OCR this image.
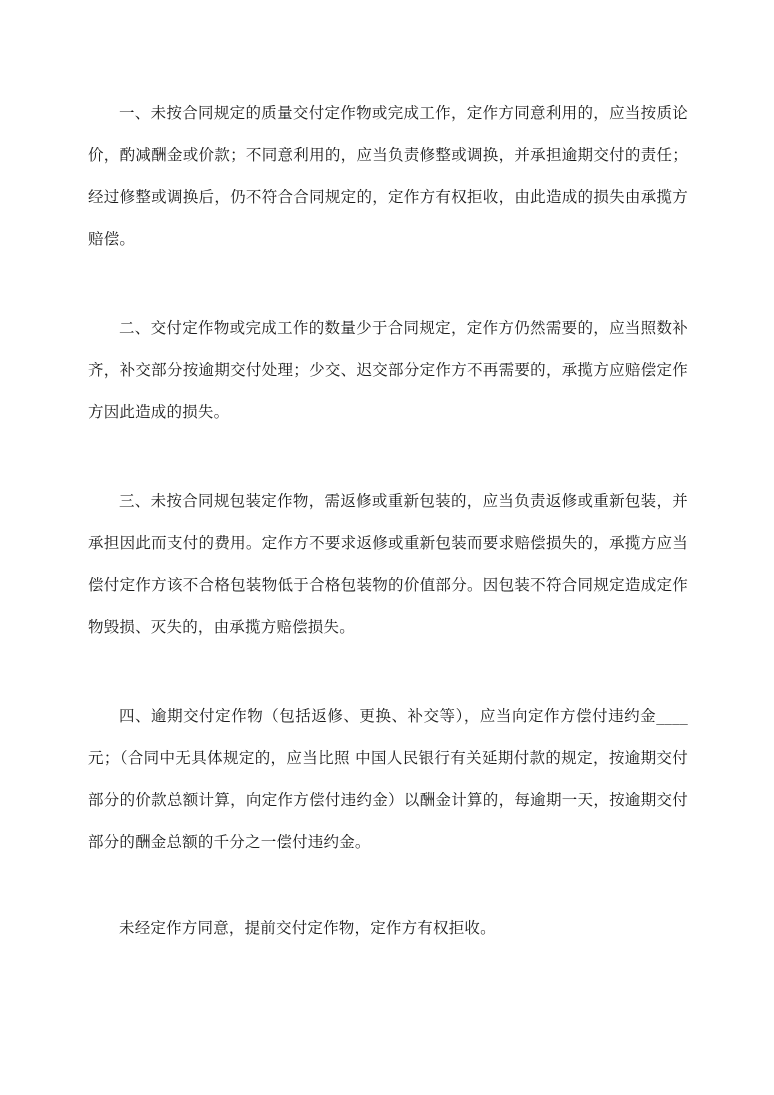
一、未按合同规定的质量交付定作物或完成工作，定作方同意利用的，应当按质论价，酌减酬金或价款；不同意利用的，应当负责修整或调换，并承担逾期交付的责任；经过修整或调换后，仍不符合合同规定的，定作方有权拒收，由此造成的损失由承揽方赔偿。

二、交付定作物或完成工作的数量少于合同规定，定作方仍然需要的，应当照数补齐，补交部分按逾期交付处理；少交、迟交部分定作方不再需要的，承揽方应赔偿定作方因此造成的损失。

三、未按合同规包装定作物，需返修或重新包装的，应当负责返修或重新包装，并承担因此而支付的费用。定作方不要求返修或重新包装而要求赔偿损失的，承揽方应当偿付定作方该不合格包装物低于合格包装物的价值部分。因包装不符合同规定造成定作物毁损、灭失的，由承揽方赔偿损失。

四、逾期交付定作物（包括返修、更换、补交等），应当向定作方偿付违约金____ 元；（合同中无具体规定的，应当比照 中国人民银行有关延期付款的规定，按逾期交付部分的价款总额计算，向定作方偿付违约金）以酬金计算的，每逾期一天，按逾期交付部分的酬金总额的千分之一偿付违约金。

未经定作方同意，提前交付定作物，定作方有权拒收。
